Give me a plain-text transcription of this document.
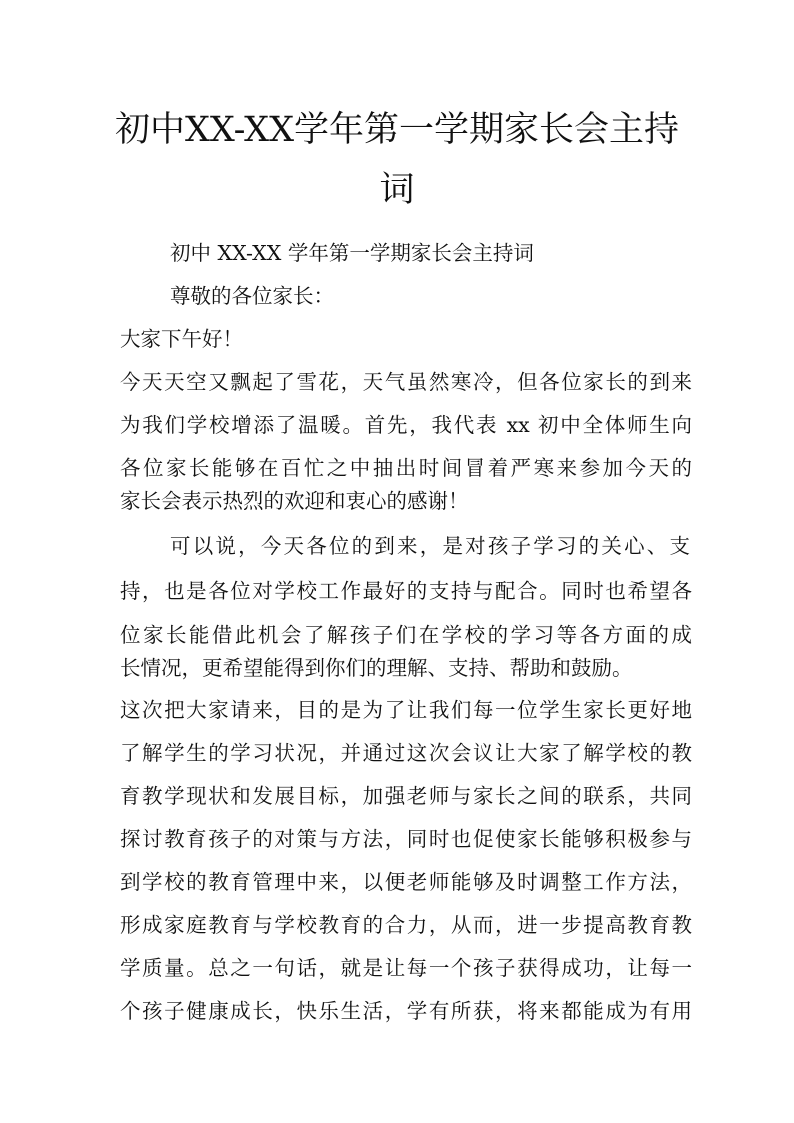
初中XX-XX学年第一学期家长会主持
词

初中 XX-XX 学年第一学期家长会主持词

尊敬的各位家长：

大家下午好！

今天天空又飘起了雪花，天气虽然寒冷，但各位家长的到来

为我们学校增添了温暖。首先，我代表 xx 初中全体师生向

各位家长能够在百忙之中抽出时间冒着严寒来参加今天的

家长会表示热烈的欢迎和衷心的感谢！

可以说，今天各位的到来，是对孩子学习的关心、支

持，也是各位对学校工作最好的支持与配合。同时也希望各

位家长能借此机会了解孩子们在学校的学习等各方面的成

长情况，更希望能得到你们的理解、支持、帮助和鼓励。

这次把大家请来，目的是为了让我们每一位学生家长更好地

了解学生的学习状况，并通过这次会议让大家了解学校的教

育教学现状和发展目标，加强老师与家长之间的联系，共同

探讨教育孩子的对策与方法，同时也促使家长能够积极参与

到学校的教育管理中来，以便老师能够及时调整工作方法，

形成家庭教育与学校教育的合力，从而，进一步提高教育教

学质量。总之一句话，就是让每一个孩子获得成功，让每一

个孩子健康成长，快乐生活，学有所获，将来都能成为有用
